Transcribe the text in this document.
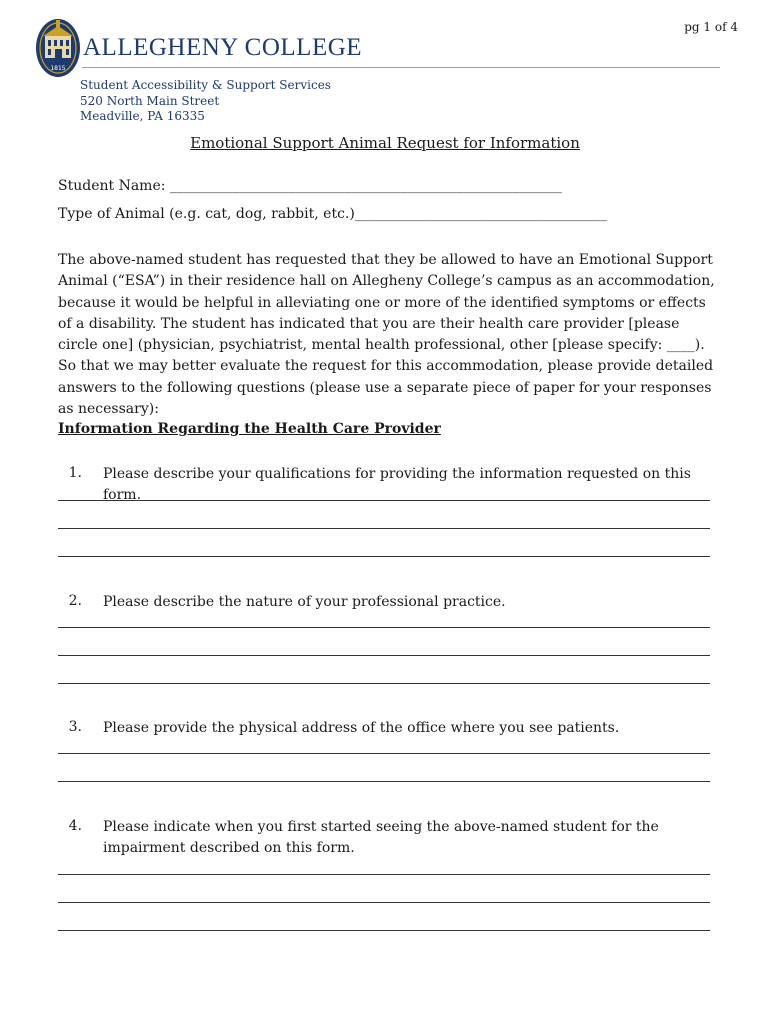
pg 1 of 4
1815
ALLEGHENY COLLEGE
Student Accessibility & Support Services
520 North Main Street
Meadville, PA 16335
Emotional Support Animal Request for Information
Student Name: ________________________________________________________
Type of Animal (e.g. cat, dog, rabbit, etc.)____________________________________

The above-named student has requested that they be allowed to have an Emotional Support Animal (“ESA”) in their residence hall on Allegheny College’s campus as an accommodation, because it would be helpful in alleviating one or more of the identified symptoms or effects of a disability. The student has indicated that you are their health care provider [please circle one] (physician, psychiatrist, mental health professional, other [please specify: ____). So that we may better evaluate the request for this accommodation, please provide detailed answers to the following questions (please use a separate piece of paper for your responses as necessary):

Information Regarding the Health Care Provider
1. Please describe your qualifications for providing the information requested on this form.
2. Please describe the nature of your professional practice.
3. Please provide the physical address of the office where you see patients.
4. Please indicate when you first started seeing the above-named student for the impairment described on this form.
